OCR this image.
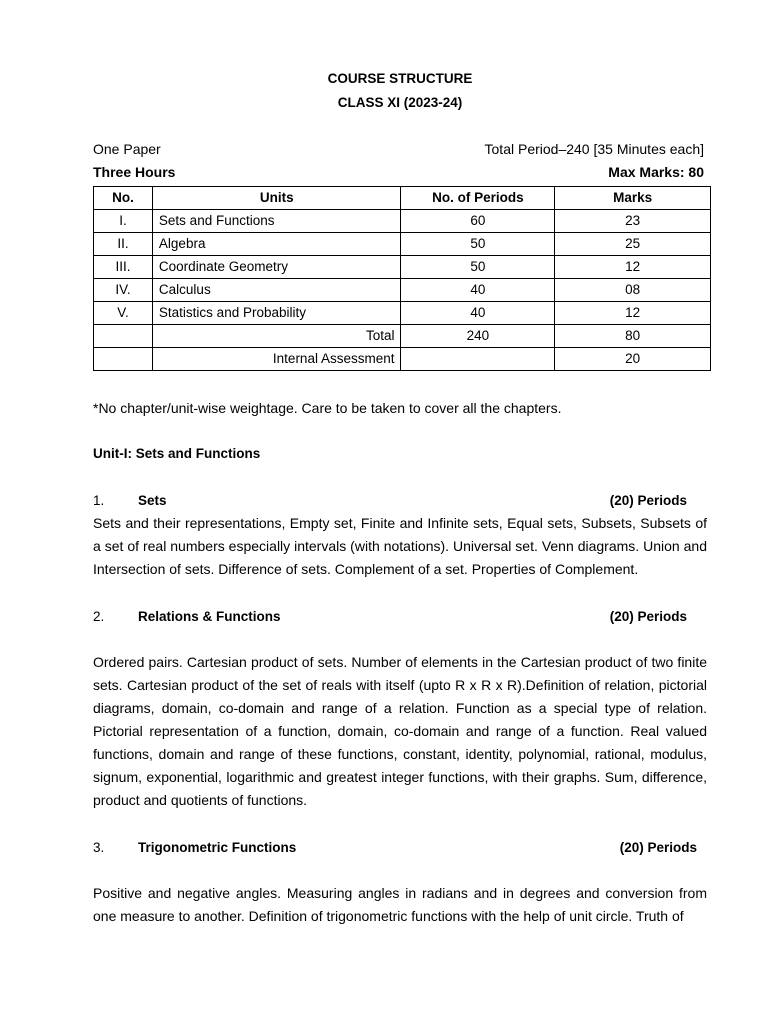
COURSE STRUCTURE
CLASS XI (2023-24)
One Paper	Total Period–240 [35 Minutes each]
Three Hours	Max Marks: 80
No.	Units	No. of Periods	Marks
I.	Sets and Functions	60	23
II.	Algebra	50	25
III.	Coordinate Geometry	50	12
IV.	Calculus	40	08
V.	Statistics and Probability	40	12
	Total	240	80
	Internal Assessment		20
*No chapter/unit-wise weightage. Care to be taken to cover all the chapters.
Unit-I: Sets and Functions
1. Sets	(20) Periods
Sets and their representations, Empty set, Finite and Infinite sets, Equal sets, Subsets, Subsets of a set of real numbers especially intervals (with notations). Universal set. Venn diagrams. Union and Intersection of sets. Difference of sets. Complement of a set. Properties of Complement.
2. Relations & Functions	(20) Periods
Ordered pairs. Cartesian product of sets. Number of elements in the Cartesian product of two finite sets. Cartesian product of the set of reals with itself (upto R x R x R).Definition of relation, pictorial diagrams, domain, co-domain and range of a relation. Function as a special type of relation. Pictorial representation of a function, domain, co-domain and range of a function. Real valued functions, domain and range of these functions, constant, identity, polynomial, rational, modulus, signum, exponential, logarithmic and greatest integer functions, with their graphs. Sum, difference, product and quotients of functions.
3. Trigonometric Functions	(20) Periods
Positive and negative angles. Measuring angles in radians and in degrees and conversion from one measure to another. Definition of trigonometric functions with the help of unit circle. Truth of
